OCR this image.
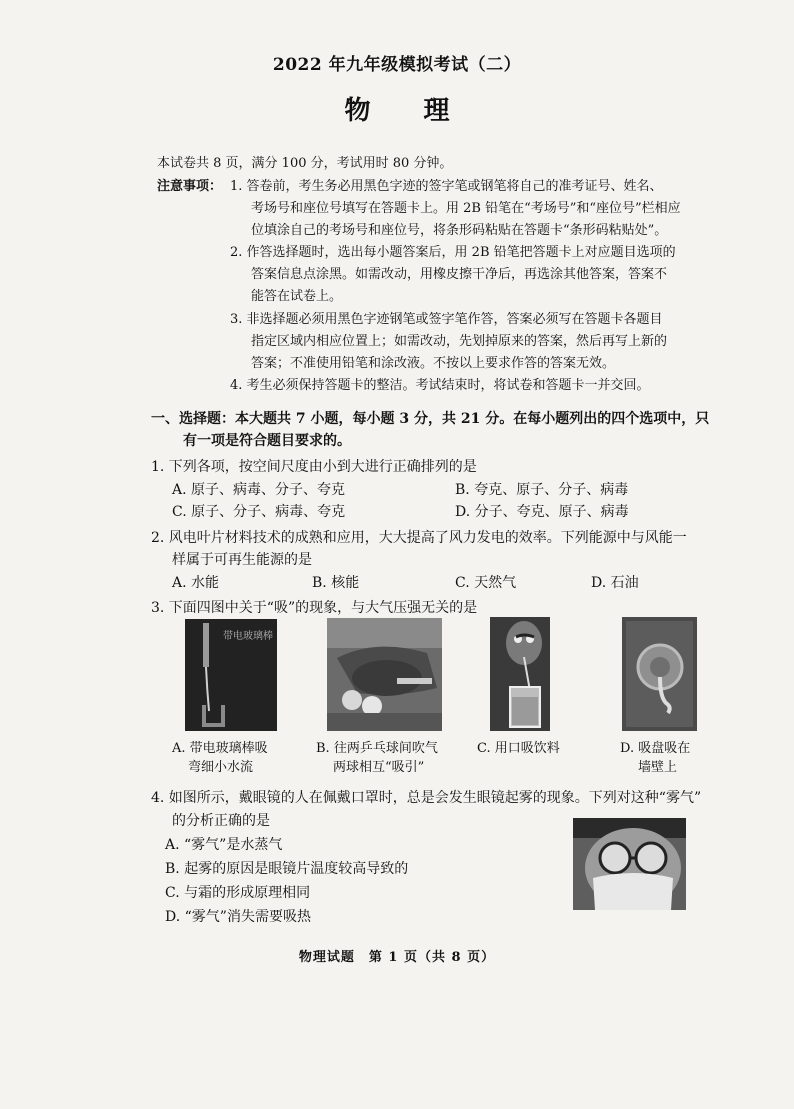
2022 年九年级模拟考试（二）
物 理
本试卷共 8 页，满分 100 分，考试用时 80 分钟。
注意事项： 1. 答卷前，考生务必用黑色字迹的签字笔或钢笔将自己的准考证号、姓名、
考场号和座位号填写在答题卡上。用 2B 铅笔在“考场号”和“座位号”栏相应
位填涂自己的考场号和座位号，将条形码粘贴在答题卡“条形码粘贴处”。
2. 作答选择题时，选出每小题答案后，用 2B 铅笔把答题卡上对应题目选项的
答案信息点涂黑。如需改动，用橡皮擦干净后，再选涂其他答案，答案不
能答在试卷上。
3. 非选择题必须用黑色字迹钢笔或签字笔作答，答案必须写在答题卡各题目
指定区域内相应位置上；如需改动，先划掉原来的答案，然后再写上新的
答案；不准使用铅笔和涂改液。不按以上要求作答的答案无效。
4. 考生必须保持答题卡的整洁。考试结束时，将试卷和答题卡一并交回。
一、选择题：本大题共 7 小题，每小题 3 分，共 21 分。在每小题列出的四个选项中，只
有一项是符合题目要求的。
1. 下列各项，按空间尺度由小到大进行正确排列的是
A. 原子、病毒、分子、夸克	B. 夸克、原子、分子、病毒
C. 原子、分子、病毒、夸克	D. 分子、夸克、原子、病毒
2. 风电叶片材料技术的成熟和应用，大大提高了风力发电的效率。下列能源中与风能一
样属于可再生能源的是
A. 水能	B. 核能	C. 天然气	D. 石油
3. 下面四图中关于“吸”的现象，与大气压强无关的是
带电玻璃棒
A. 带电玻璃棒吸
弯细小水流
B. 往两乒乓球间吹气
两球相互“吸引”
C. 用口吸饮料	D. 吸盘吸在
墙壁上
4. 如图所示，戴眼镜的人在佩戴口罩时，总是会发生眼镜起雾的现象。下列对这种“雾气”
的分析正确的是
A. “雾气”是水蒸气
B. 起雾的原因是眼镜片温度较高导致的
C. 与霜的形成原理相同
D. “雾气”消失需要吸热
物理试题　第 1 页（共 8 页）
